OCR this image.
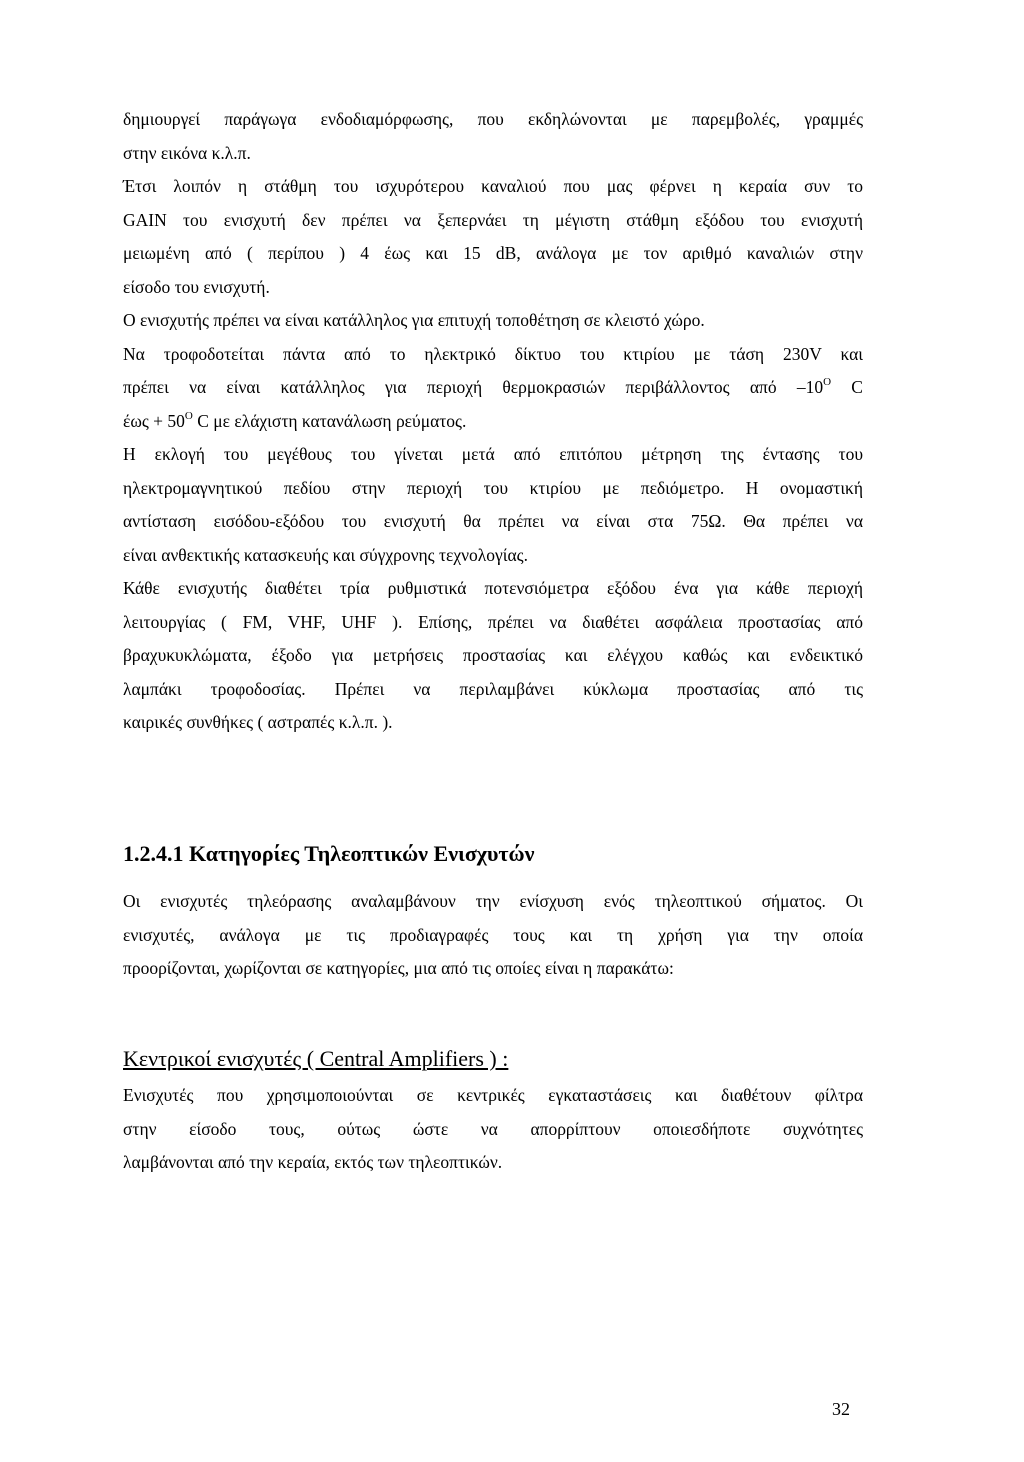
δημιουργεί παράγωγα ενδοδιαμόρφωσης, που εκδηλώνονται με παρεμβολές, γραμμές
στην εικόνα κ.λ.π.
Έτσι λοιπόν η στάθμη του ισχυρότερου καναλιού που μας φέρνει η κεραία συν το
GAIN του ενισχυτή δεν πρέπει να ξεπερνάει τη μέγιστη στάθμη εξόδου του ενισχυτή
μειωμένη από ( περίπου ) 4 έως και 15 dB, ανάλογα με τον αριθμό καναλιών στην
είσοδο του ενισχυτή.
Ο ενισχυτής πρέπει να είναι κατάλληλος για επιτυχή τοποθέτηση σε κλειστό χώρο.
Να τροφοδοτείται πάντα από το ηλεκτρικό δίκτυο του κτιρίου με τάση 230V και
πρέπει να είναι κατάλληλος για περιοχή θερμοκρασιών περιβάλλοντος από $-10^O$ C
$έ\omega\varsigma + 50^O$ C με ελάχιστη κατανάλωση ρεύματος.
Η εκλογή του μεγέθους του γίνεται μετά από επιτόπου μέτρηση της έντασης του
ηλεκτρομαγνητικού πεδίου στην περιοχή του κτιρίου με πεδιόμετρο. Η ονομαστική
αντίσταση εισόδου-εξόδου του ενισχυτή θα πρέπει να είναι στα 75Ω. Θα πρέπει να
είναι ανθεκτικής κατασκευής και σύγχρονης τεχνολογίας.
Κάθε ενισχυτής διαθέτει τρία ρυθμιστικά ποτενσιόμετρα εξόδου ένα για κάθε περιοχή
λειτουργίας ( FM, VHF, UHF ). Επίσης, πρέπει να διαθέτει ασφάλεια προστασίας από
βραχυκυκλώματα, έξοδο για μετρήσεις προστασίας και ελέγχου καθώς και ενδεικτικό
λαμπάκι τροφοδοσίας. Πρέπει να περιλαμβάνει κύκλωμα προστασίας από τις
καιρικές συνθήκες ( αστραπές κ.λ.π. ).
1.2.4.1 Κατηγορίες Τηλεοπτικών Ενισχυτών
Οι ενισχυτές τηλεόρασης αναλαμβάνουν την ενίσχυση ενός τηλεοπτικού σήματος. Οι
ενισχυτές, ανάλογα με τις προδιαγραφές τους και τη χρήση για την οποία
προορίζονται, χωρίζονται σε κατηγορίες, μια από τις οποίες είναι η παρακάτω:
Κεντρικοί ενισχυτές ( Central Amplifiers ) :
Ενισχυτές που χρησιμοποιούνται σε κεντρικές εγκαταστάσεις και διαθέτουν φίλτρα
στην είσοδο τους, ούτως ώστε να απορρίπτουν οποιεσδήποτε συχνότητες
λαμβάνονται από την κεραία, εκτός των τηλεοπτικών.
32
